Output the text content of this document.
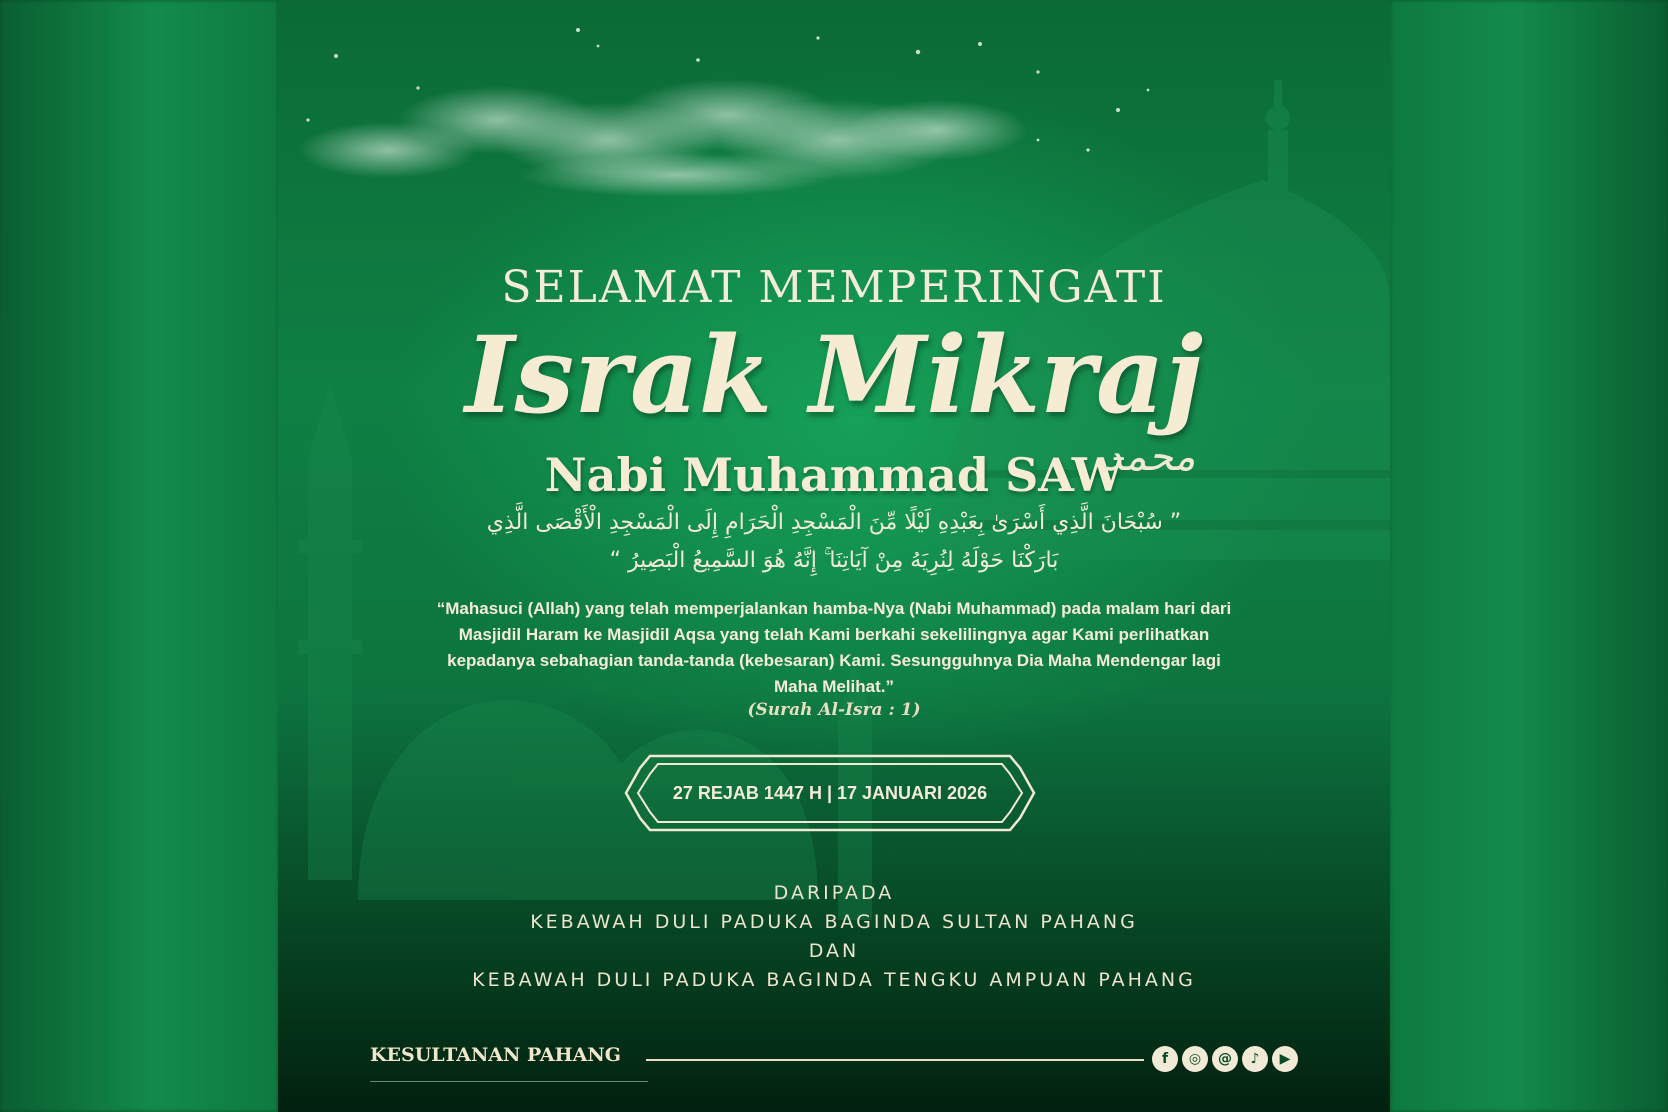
SELAMAT MEMPERINGATI
Israk Mikraj
Nabi Muhammad SAW
محمد
” سُبْحَانَ الَّذِي أَسْرَىٰ بِعَبْدِهِ لَيْلًا مِّنَ الْمَسْجِدِ الْحَرَامِ إِلَى الْمَسْجِدِ الْأَقْصَى الَّذِي
بَارَكْنَا حَوْلَهُ لِنُرِيَهُ مِنْ آيَاتِنَا ۚ إِنَّهُ هُوَ السَّمِيعُ الْبَصِيرُ “
“Mahasuci (Allah) yang telah memperjalankan hamba-Nya (Nabi Muhammad) pada malam hari dari Masjidil Haram ke Masjidil Aqsa yang telah Kami berkahi sekelilingnya agar Kami perlihatkan kepadanya sebahagian tanda-tanda (kebesaran) Kami. Sesungguhnya Dia Maha Mendengar lagi Maha Melihat.”
(Surah Al-Isra : 1)
27 REJAB 1447 H | 17 JANUARI 2026
DARIPADA
KEBAWAH DULI PADUKA BAGINDA SULTAN PAHANG
DAN
KEBAWAH DULI PADUKA BAGINDA TENGKU AMPUAN PAHANG
KESULTANAN PAHANG	f	◎	@	♪	▶
